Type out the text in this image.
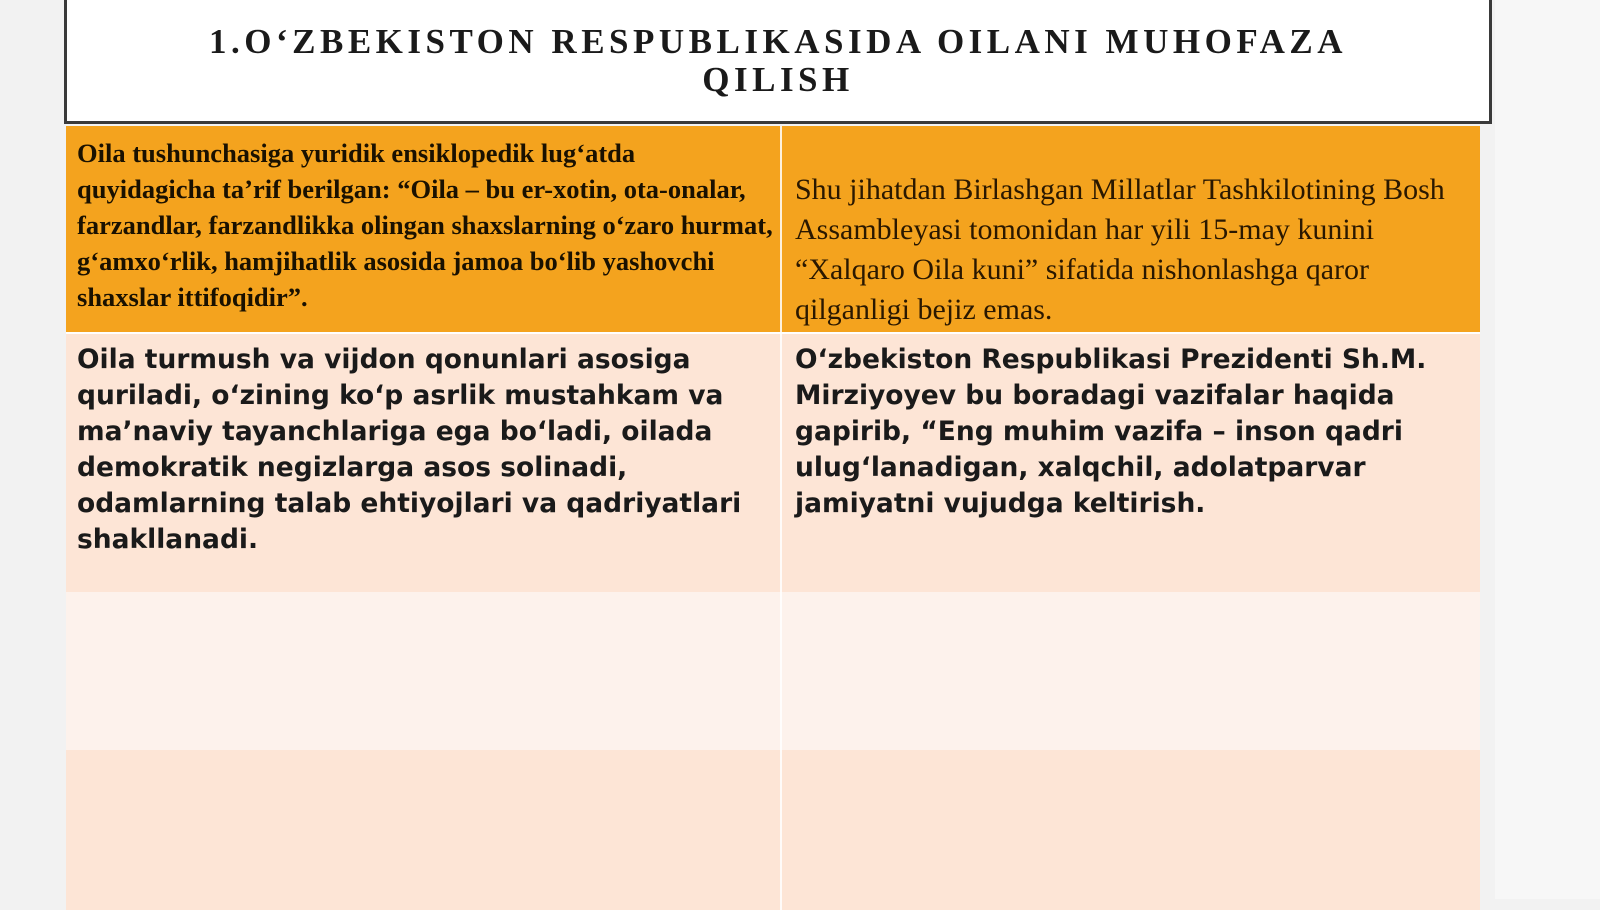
1.O‘ZBEKISTON RESPUBLIKASIDA OILANI MUHOFAZA QILISH

Oila tushunchasiga yuridik ensiklopedik lug‘atda quyidagicha ta’rif berilgan: “Oila – bu er-xotin, ota-onalar, farzandlar, farzandlikka olingan shaxslarning o‘zaro hurmat, g‘amxo‘rlik, hamjihatlik asosida jamoa bo‘lib yashovchi shaxslar ittifoqidir”.

Shu jihatdan Birlashgan Millatlar Tashkilotining Bosh Assambleyasi tomonidan har yili 15-may kunini “Xalqaro Oila kuni” sifatida nishonlashga qaror qilganligi bejiz emas.

Oila turmush va vijdon qonunlari asosiga quriladi, o‘zining ko‘p asrlik mustahkam va ma’naviy tayanchlariga ega bo‘ladi, oilada demokratik negizlarga asos solinadi, odamlarning talab ehtiyojlari va qadriyatlari shakllanadi.

O‘zbekiston Respublikasi Prezidenti Sh.M. Mirziyoyev bu boradagi vazifalar haqida gapirib, “Eng muhim vazifa – inson qadri ulug‘lanadigan, xalqchil, adolatparvar jamiyatni vujudga keltirish.
